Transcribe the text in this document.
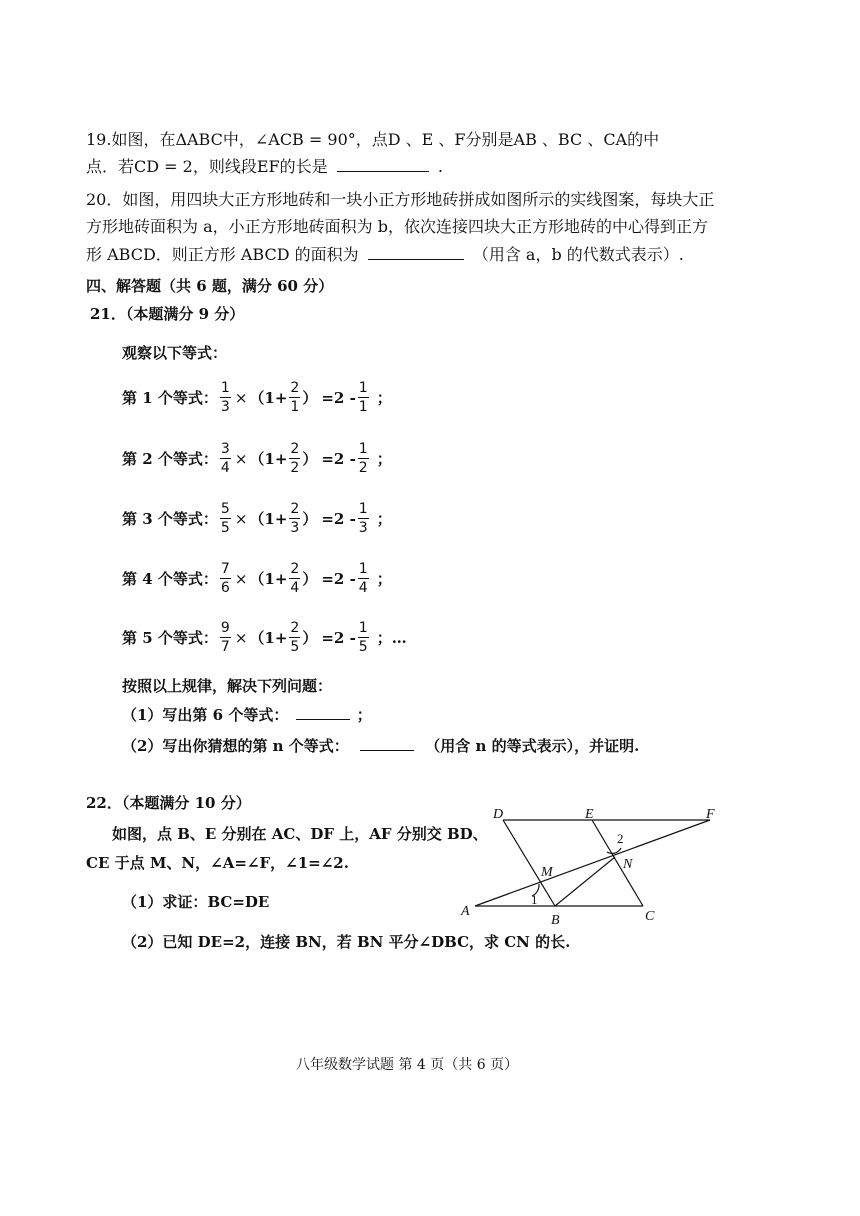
19.如图，在ΔABC中，∠ACB = 90°，点D 、E 、F分别是AB 、BC 、CA的中
点．若CD = 2，则线段EF的长是	.
20．如图，用四块大正方形地砖和一块小正方形地砖拼成如图所示的实线图案，每块大正
方形地砖面积为 a，小正方形地砖面积为 b，依次连接四块大正方形地砖的中心得到正方
形 ABCD．则正方形 ABCD 的面积为	（用含 a，b 的代数式表示）.
四、解答题（共 6 题，满分 60 分）
21．（本题满分 9 分）
观察以下等式：
第 1 个等式： $\frac{1}{3} \times (1+ \frac{2}{1}$ ） $=2 - \frac{1}{1}$ ；
第 2 个等式： $\frac{3}{4} \times (1+ \frac{2}{2}$ ） $=2 - \frac{1}{2}$ ；
第 3 个等式： $\frac{5}{5} \times (1+ \frac{2}{3}$ ） $=2 - \frac{1}{3}$ ；
第 4 个等式： $\frac{7}{6} \times (1+ \frac{2}{4}$ ） $=2 - \frac{1}{4}$ ；
第 5 个等式： $\frac{9}{7} \times (1+ \frac{2}{5}$ ） $=2 - \frac{1}{5}$ ；…
按照以上规律，解决下列问题：
（1）写出第 6 个等式：	；
（2）写出你猜想的第 n 个等式：	（用含 n 的等式表示），并证明.
22．（本题满分 10 分）
如图，点 B、E 分别在 AC、DF 上，AF 分别交 BD、
CE 于点 M、N，∠A=∠F，∠1=∠2.
（1）求证：BC=DE
（2）已知 DE=2，连接 BN，若 BN 平分∠DBC，求 CN 的长.
D	E	F
M
N
A
B	C
1
2
八年级数学试题 第 4 页（共 6 页）
